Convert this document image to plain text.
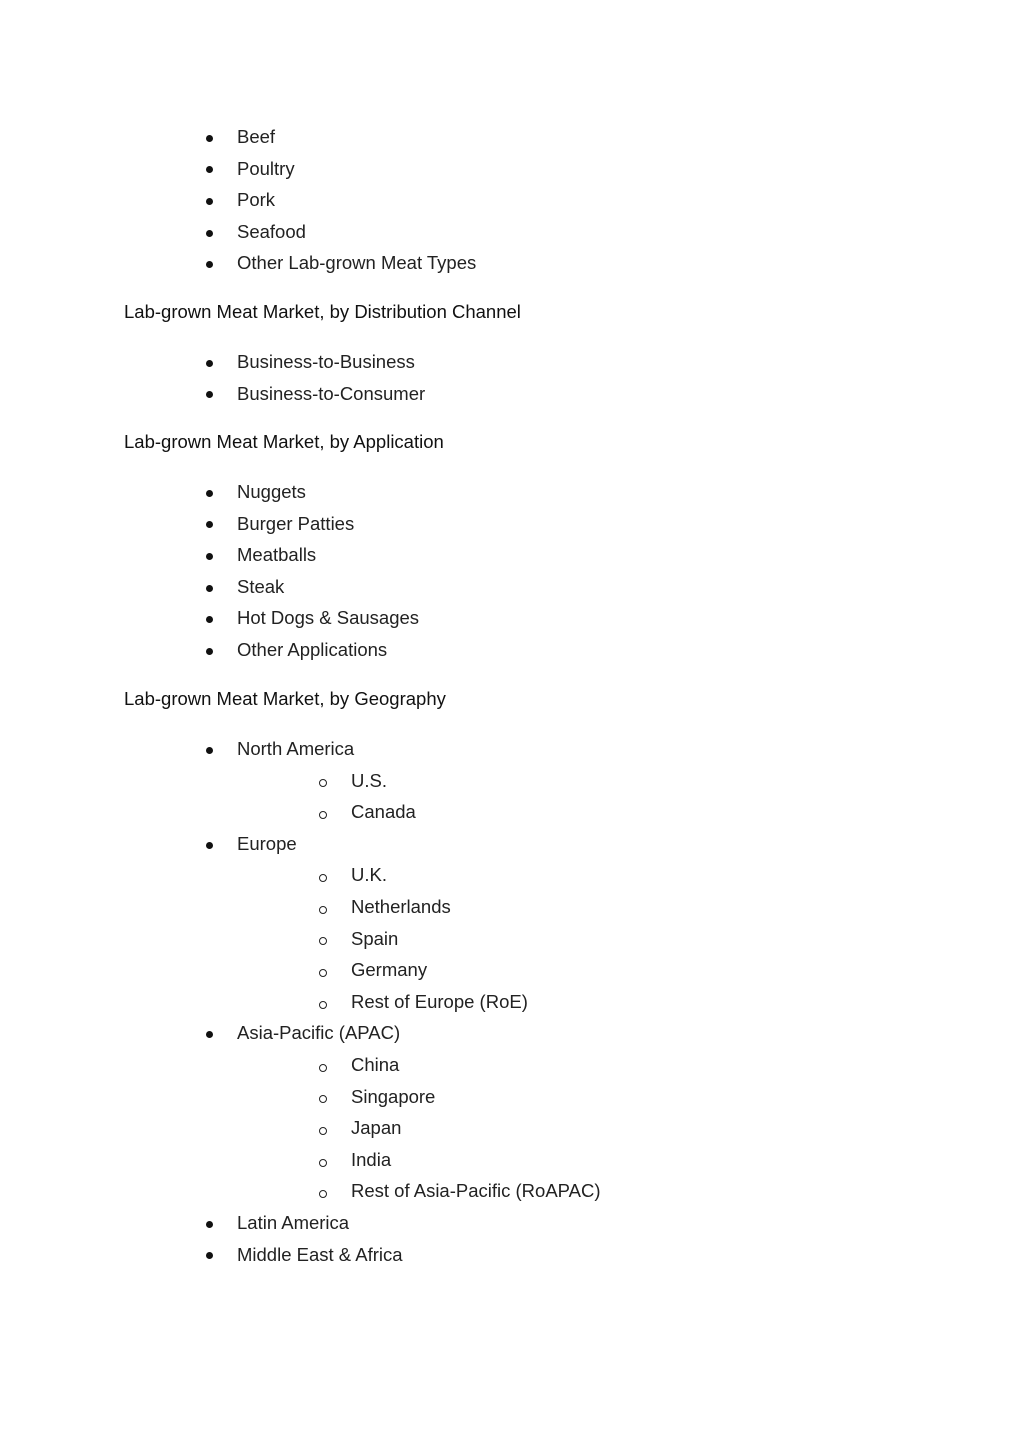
Beef
Poultry
Pork
Seafood
Other Lab-grown Meat Types
Lab-grown Meat Market, by Distribution Channel
Business-to-Business
Business-to-Consumer
Lab-grown Meat Market, by Application
Nuggets
Burger Patties
Meatballs
Steak
Hot Dogs & Sausages
Other Applications
Lab-grown Meat Market, by Geography
North America
U.S.
Canada
Europe
U.K.
Netherlands
Spain
Germany
Rest of Europe (RoE)
Asia-Pacific (APAC)
China
Singapore
Japan
India
Rest of Asia-Pacific (RoAPAC)
Latin America
Middle East & Africa
